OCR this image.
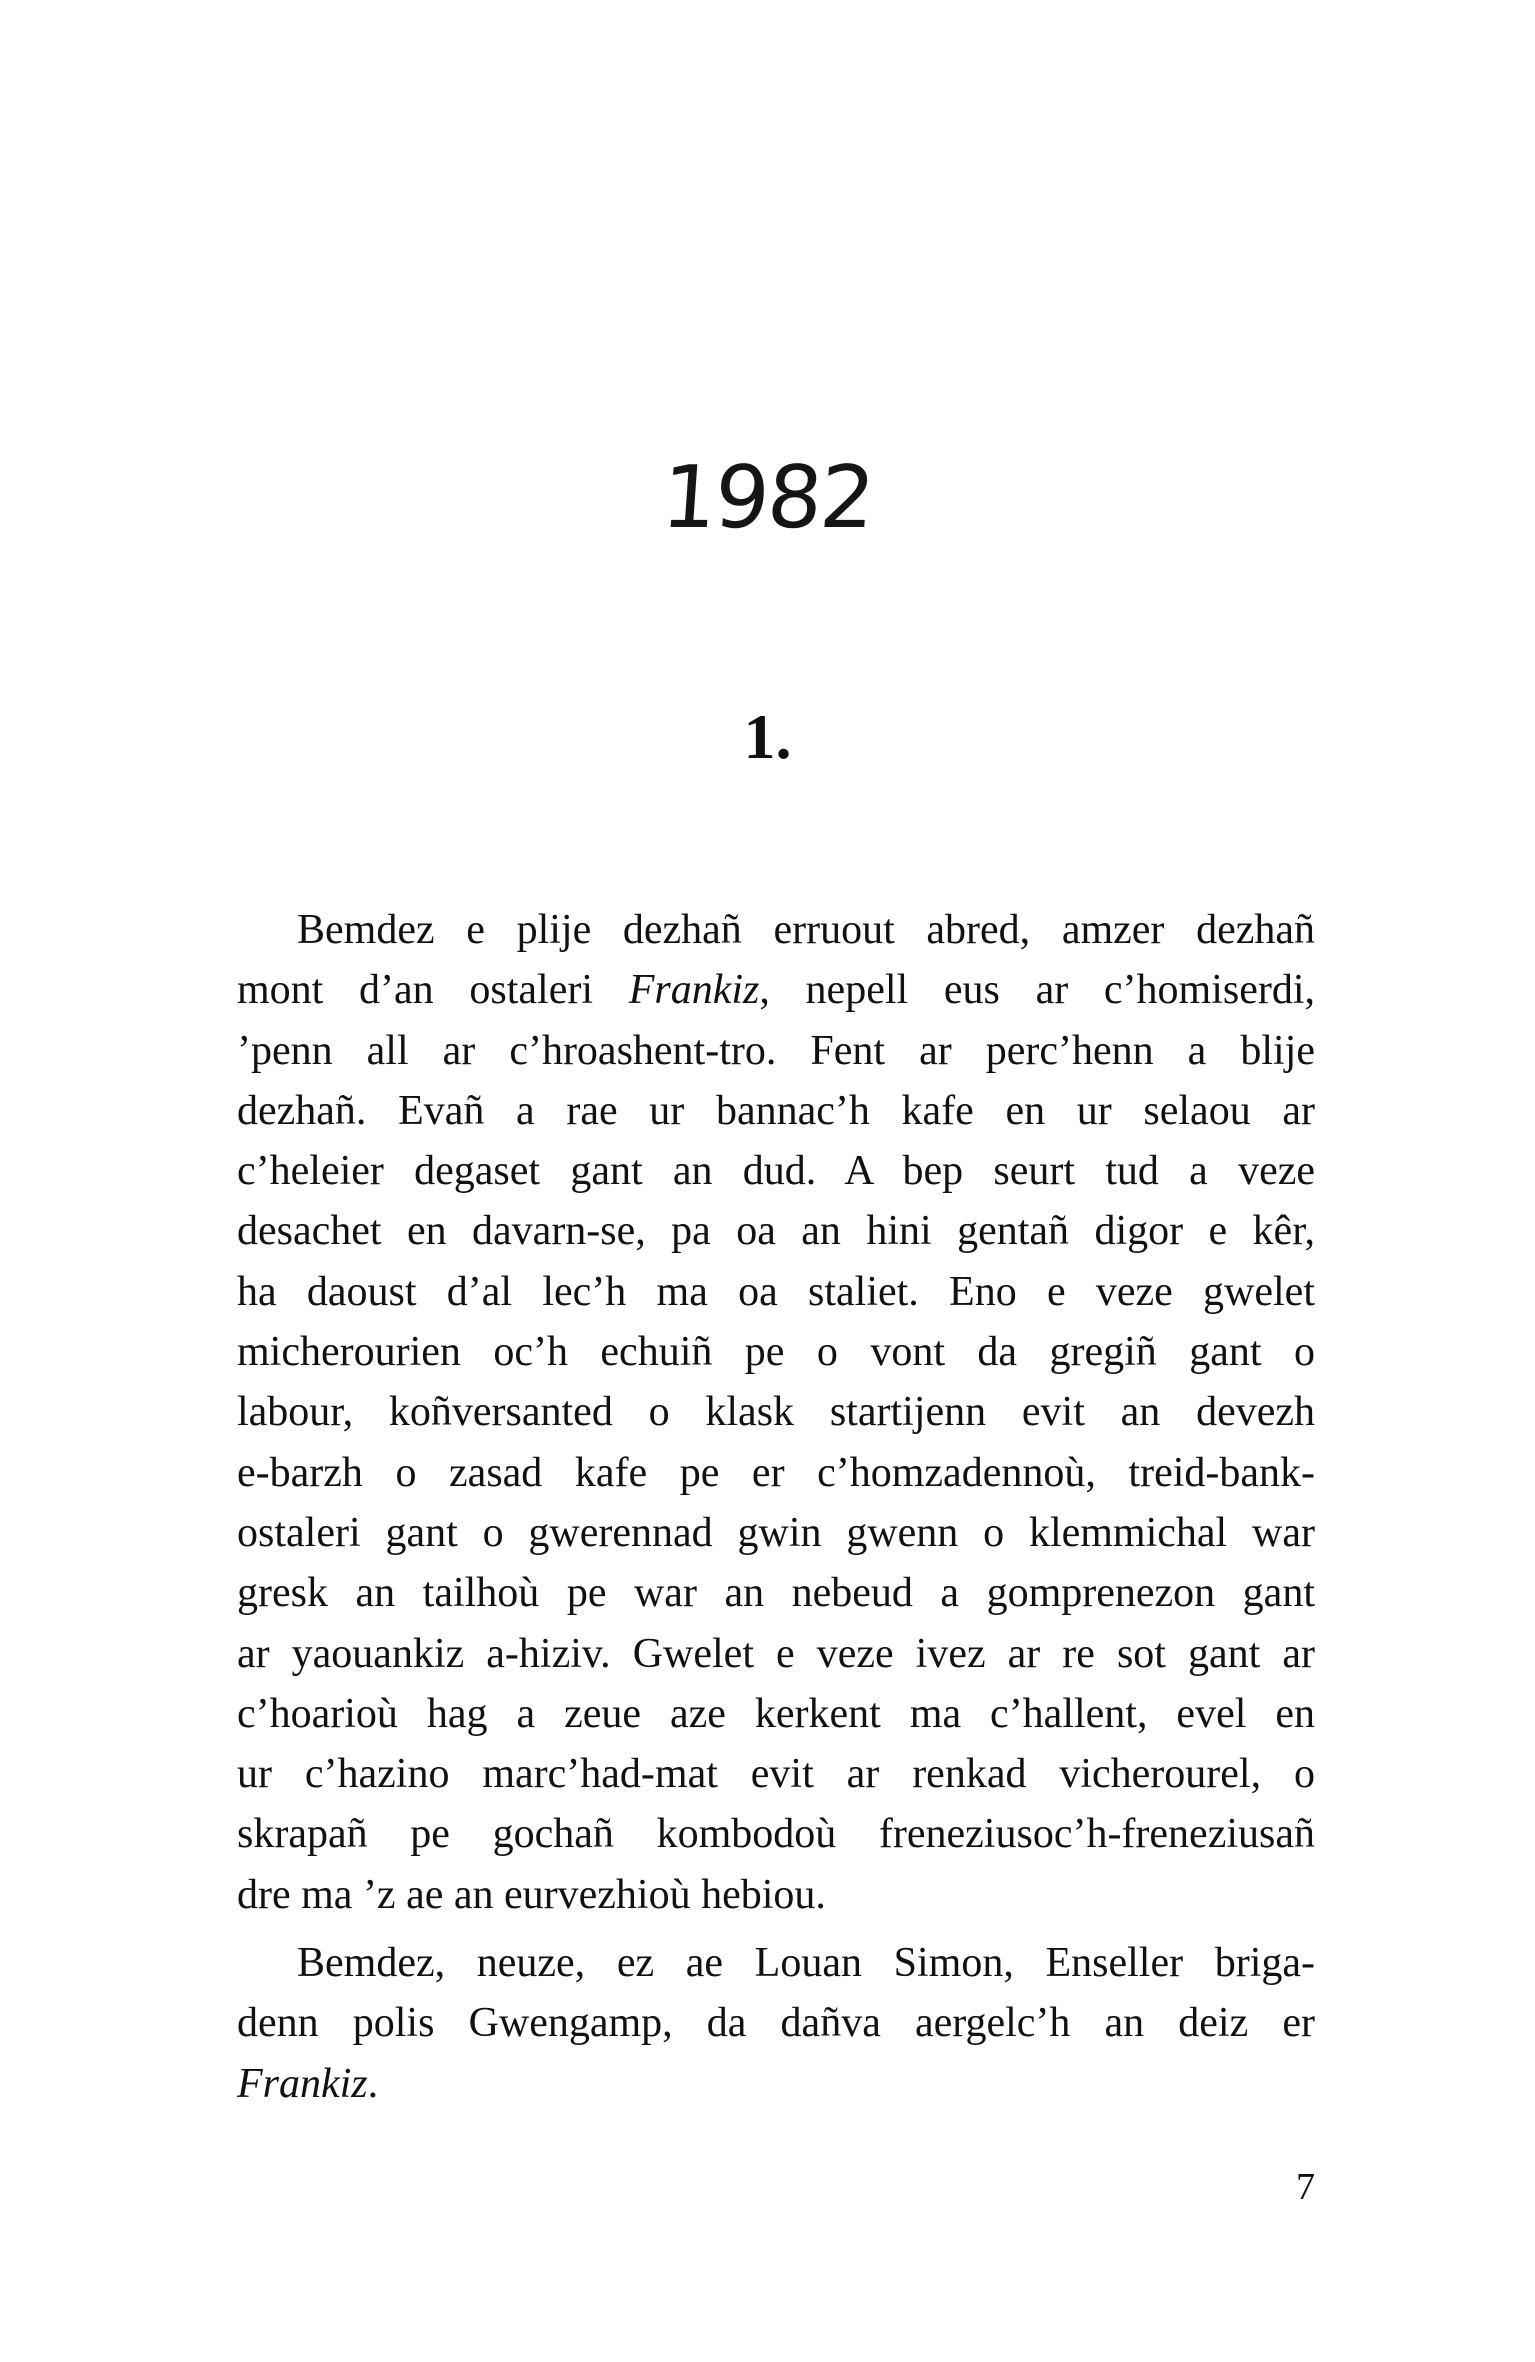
1982
1.
Bemdez e plije dezhañ erruout abred, amzer dezhañ
mont d’an ostaleri Frankiz, nepell eus ar c’homiserdi,
’penn all ar c’hroashent-tro. Fent ar perc’henn a blije
dezhañ. Evañ a rae ur bannac’h kafe en ur selaou ar
c’heleier degaset gant an dud. A bep seurt tud a veze
desachet en davarn-se, pa oa an hini gentañ digor e kêr,
ha daoust d’al lec’h ma oa staliet. Eno e veze gwelet
micherourien oc’h echuiñ pe o vont da gregiñ gant o
labour, koñversanted o klask startijenn evit an devezh
e-barzh o zasad kafe pe er c’homzadennoù, treid-bank-
ostaleri gant o gwerennad gwin gwenn o klemmichal war
gresk an tailhoù pe war an nebeud a gomprenezon gant
ar yaouankiz a-hiziv. Gwelet e veze ivez ar re sot gant ar
c’hoarioù hag a zeue aze kerkent ma c’hallent, evel en
ur c’hazino marc’had-mat evit ar renkad vicherourel, o
skrapañ pe gochañ kombodoù freneziusoc’h-freneziusañ
dre ma ’z ae an eurvezhioù hebiou.
Bemdez, neuze, ez ae Louan Simon, Enseller briga-
denn polis Gwengamp, da dañva aergelc’h an deiz er
Frankiz.
7
